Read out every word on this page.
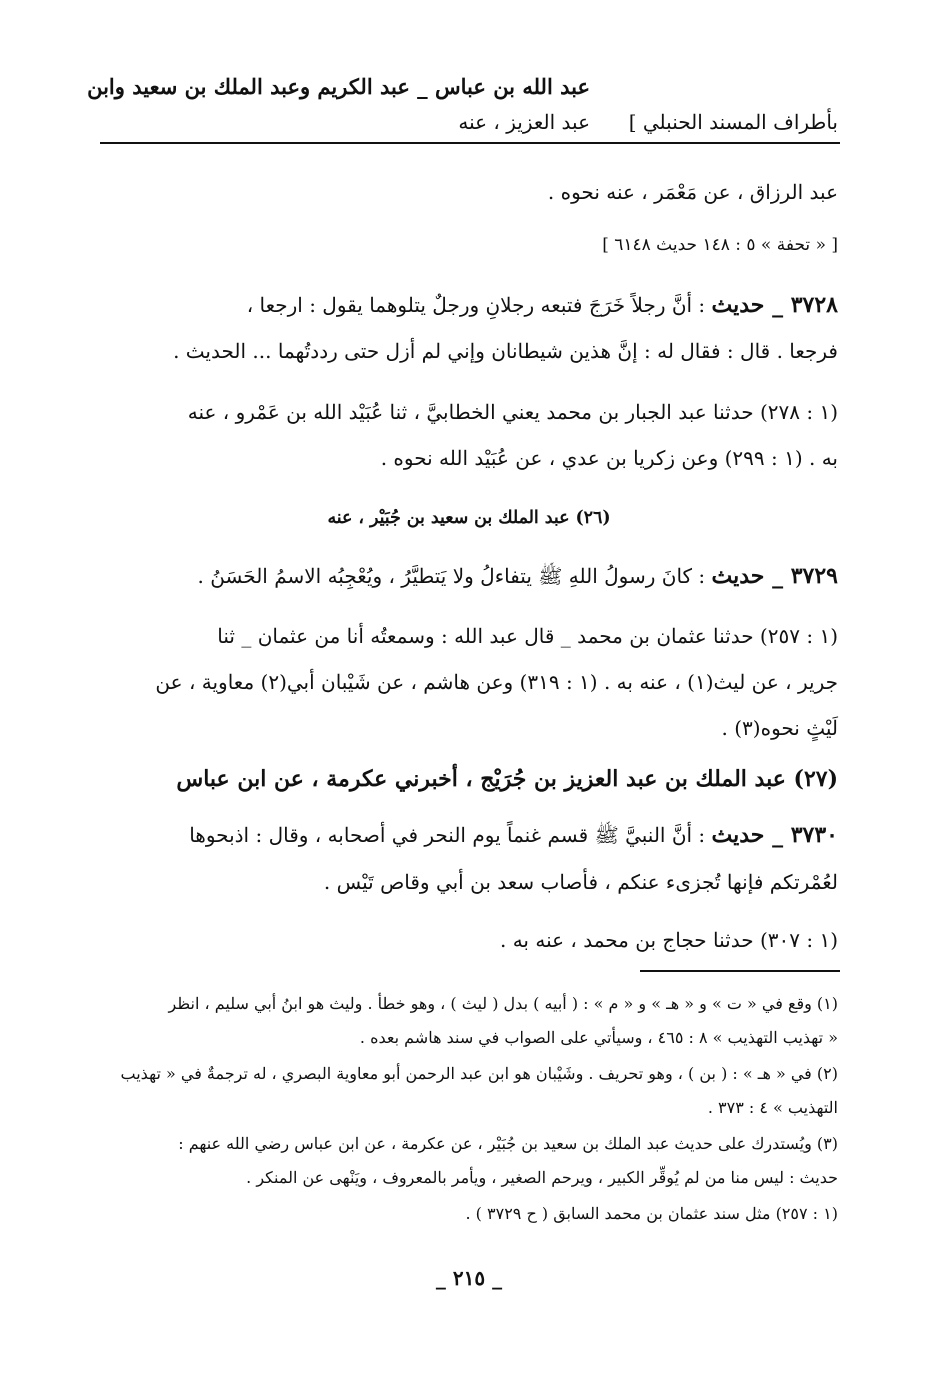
عبد الله بن عباس _ عبد الكريم وعبد الملك بن سعيد وابن
عبد العزيز ، عنه بأطراف المسند الحنبلي ]
عبد الرزاق ، عن مَعْمَر ، عنه نحوه .
[ « تحفة » ٥ : ١٤٨ حديث ٦١٤٨ ]
٣٧٢٨ _ حديث : أنَّ رجلاً خَرَجَ فتبعه رجلانِ ورجلٌ يتلوهما يقول : ارجعا ،
فرجعا . قال : فقال له : إنَّ هذين شيطانان وإني لم أزل حتى رددتُهما ... الحديث .
(١ : ٢٧٨) حدثنا عبد الجبار بن محمد يعني الخطابيَّ ، ثنا عُبَيْد الله بن عَمْرو ، عنه
به . (١ : ٢٩٩) وعن زكريا بن عدي ، عن عُبَيْد الله نحوه .
(٢٦) عبد الملك بن سعيد بن جُبَيْر ، عنه
٣٧٢٩ _ حديث : كانَ رسولُ اللهِ ﷺ يتفاءلُ ولا يَتطيَّرُ ، ويُعْجِبُه الاسمُ الحَسَنُ .
(١ : ٢٥٧) حدثنا عثمان بن محمد _ قال عبد الله : وسمعتُه أنا من عثمان _ ثنا
جرير ، عن ليث(١) ، عنه به . (١ : ٣١٩) وعن هاشم ، عن شَيْبان أبي(٢) معاوية ، عن
لَيْثٍ نحوه(٣) .
(٢٧) عبد الملك بن عبد العزيز بن جُرَيْج ، أخبرني عكرمة ، عن ابن عباس
٣٧٣٠ _ حديث : أنَّ النبيَّ ﷺ قسم غنماً يوم النحر في أصحابه ، وقال : اذبحوها
لعُمْرتكم فإنها تُجزىء عنكم ، فأصاب سعد بن أبي وقاص تَيْس .
(١ : ٣٠٧) حدثنا حجاج بن محمد ، عنه به .
(١) وقع في « ت » و « هـ » و « م » : ( أبيه ) بدل ( ليث ) ، وهو خطأ . وليث هو ابنُ أبي سليم ، انظر
« تهذيب التهذيب » ٨ : ٤٦٥ ، وسيأتي على الصواب في سند هاشم بعده .
(٢) في « هـ » : ( بن ) ، وهو تحريف . وشَيْبان هو ابن عبد الرحمن أبو معاوية البصري ، له ترجمةٌ في « تهذيب
التهذيب » ٤ : ٣٧٣ .
(٣) ويُستدرك على حديث عبد الملك بن سعيد بن جُبَيْر ، عن عكرمة ، عن ابن عباس رضي الله عنهم :
حديث : ليس منا من لم يُوقِّر الكبير ، ويرحم الصغير ، ويأمر بالمعروف ، ويَنْهى عن المنكر .
(١ : ٢٥٧) مثل سند عثمان بن محمد السابق ( ح ٣٧٢٩ ) .
_ ٢١٥ _
